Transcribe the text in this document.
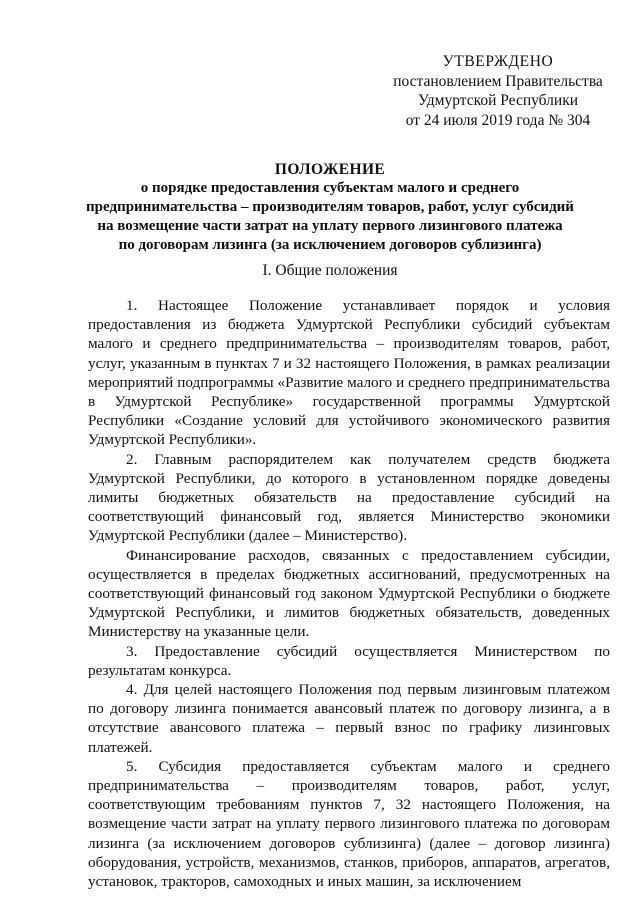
УТВЕРЖДЕНО
постановлением Правительства
Удмуртской Республики
от 24 июля 2019 года № 304
ПОЛОЖЕНИЕ
о порядке предоставления субъектам малого и среднего
предпринимательства – производителям товаров, работ, услуг субсидий
на возмещение части затрат на уплату первого лизингового платежа
по договорам лизинга (за исключением договоров сублизинга)
I. Общие положения

1. Настоящее Положение устанавливает порядок и условия предоставления из бюджета Удмуртской Республики субсидий субъектам малого и среднего предпринимательства – производителям товаров, работ, услуг, указанным в пунктах 7 и 32 настоящего Положения, в рамках реализации мероприятий подпрограммы «Развитие малого и среднего предпринимательства в Удмуртской Республике» государственной программы Удмуртской Республики «Создание условий для устойчивого экономического развития Удмуртской Республики».

2. Главным распорядителем как получателем средств бюджета Удмуртской Республики, до которого в установленном порядке доведены лимиты бюджетных обязательств на предоставление субсидий на соответствующий финансовый год, является Министерство экономики Удмуртской Республики (далее – Министерство).

Финансирование расходов, связанных с предоставлением субсидии, осуществляется в пределах бюджетных ассигнований, предусмотренных на соответствующий финансовый год законом Удмуртской Республики о бюджете Удмуртской Республики, и лимитов бюджетных обязательств, доведенных Министерству на указанные цели.

3. Предоставление субсидий осуществляется Министерством по результатам конкурса.

4. Для целей настоящего Положения под первым лизинговым платежом по договору лизинга понимается авансовый платеж по договору лизинга, а в отсутствие авансового платежа – первый взнос по графику лизинговых платежей.

5. Субсидия предоставляется субъектам малого и среднего предпринимательства – производителям товаров, работ, услуг, соответствующим требованиям пунктов 7, 32 настоящего Положения, на возмещение части затрат на уплату первого лизингового платежа по договорам лизинга (за исключением договоров сублизинга) (далее – договор лизинга) оборудования, устройств, механизмов, станков, приборов, аппаратов, агрегатов, установок, тракторов, самоходных и иных машин, за исключением
